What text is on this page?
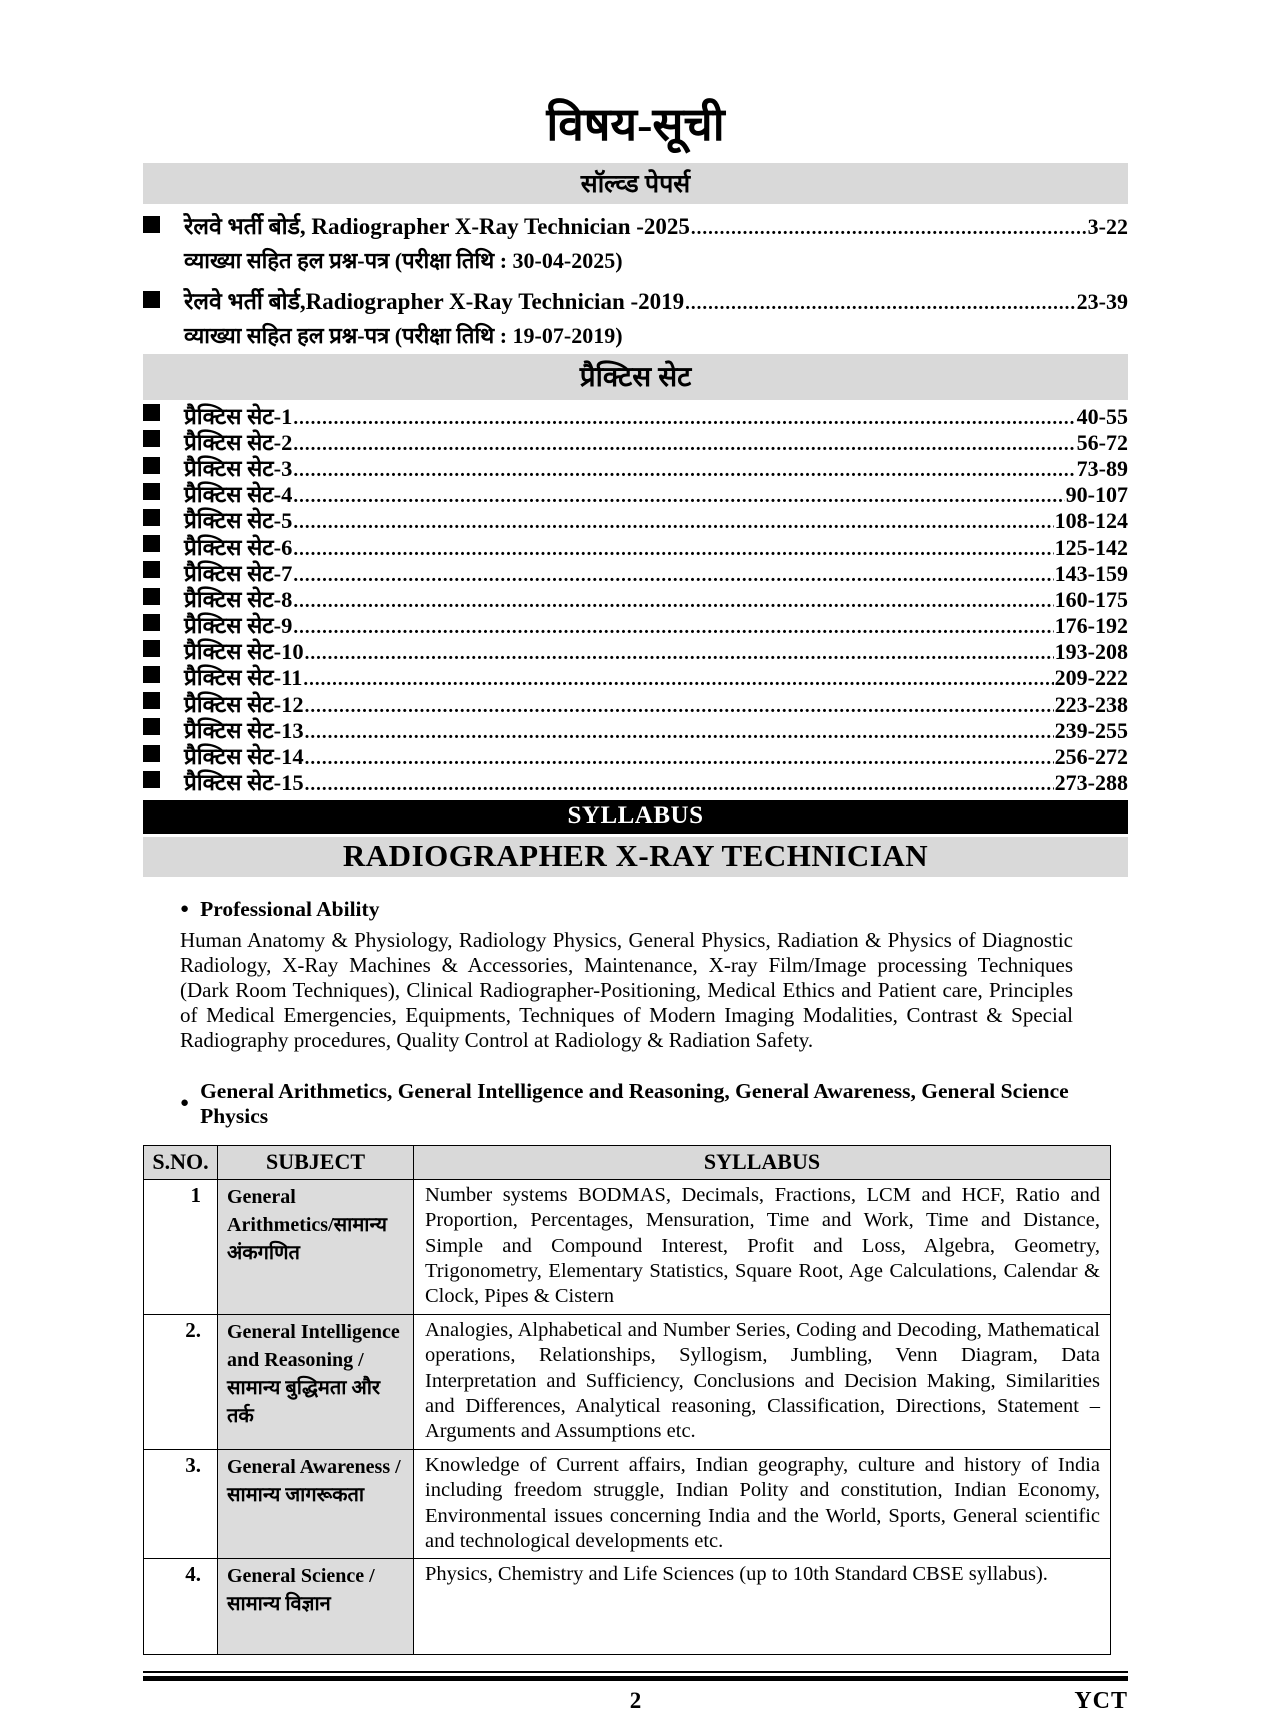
विषय-सूची
सॉल्व्ड पेपर्स
रेलवे भर्ती बोर्ड, Radiographer X-Ray Technician -2025 .....	3-22
व्याख्या सहित हल प्रश्न-पत्र (परीक्षा तिथि : 30-04-2025)
रेलवे भर्ती बोर्ड,Radiographer X-Ray Technician -2019 .....	23-39
व्याख्या सहित हल प्रश्न-पत्र (परीक्षा तिथि : 19-07-2019)
प्रैक्टिस सेट
प्रैक्टिस सेट-1 .....	40-55
प्रैक्टिस सेट-2 .....	56-72
प्रैक्टिस सेट-3 .....	73-89
प्रैक्टिस सेट-4 .....	90-107
प्रैक्टिस सेट-5 .....	108-124
प्रैक्टिस सेट-6 .....	125-142
प्रैक्टिस सेट-7 .....	143-159
प्रैक्टिस सेट-8 .....	160-175
प्रैक्टिस सेट-9 .....	176-192
प्रैक्टिस सेट-10 .....	193-208
प्रैक्टिस सेट-11 .....	209-222
प्रैक्टिस सेट-12 .....	223-238
प्रैक्टिस सेट-13 .....	239-255
प्रैक्टिस सेट-14 .....	256-272
प्रैक्टिस सेट-15 .....	273-288
SYLLABUS
RADIOGRAPHER X-RAY TECHNICIAN
● Professional Ability
Human Anatomy & Physiology, Radiology Physics, General Physics, Radiation & Physics of Diagnostic Radiology, X-Ray Machines & Accessories, Maintenance, X-ray Film/Image processing Techniques (Dark Room Techniques), Clinical Radiographer-Positioning, Medical Ethics and Patient care, Principles of Medical Emergencies, Equipments, Techniques of Modern Imaging Modalities, Contrast & Special Radiography procedures, Quality Control at Radiology & Radiation Safety.
●
General Arithmetics, General Intelligence and Reasoning, General Awareness, General Science Physics
S.NO.	SUBJECT	SYLLABUS
1	General Arithmetics/सामान्य अंकगणित	Number systems BODMAS, Decimals, Fractions, LCM and HCF, Ratio and Proportion, Percentages, Mensuration, Time and Work, Time and Distance, Simple and Compound Interest, Profit and Loss, Algebra, Geometry, Trigonometry, Elementary Statistics, Square Root, Age Calculations, Calendar & Clock, Pipes & Cistern
2.	General Intelligence and Reasoning /सामान्य बुद्धिमता और तर्क	Analogies, Alphabetical and Number Series, Coding and Decoding, Mathematical operations, Relationships, Syllogism, Jumbling, Venn Diagram, Data Interpretation and Sufficiency, Conclusions and Decision Making, Similarities and Differences, Analytical reasoning, Classification, Directions, Statement – Arguments and Assumptions etc.
3.	General Awareness /सामान्य जागरूकता	Knowledge of Current affairs, Indian geography, culture and history of India including freedom struggle, Indian Polity and constitution, Indian Economy, Environmental issues concerning India and the World, Sports, General scientific and technological developments etc.
4.	General Science /सामान्य विज्ञान	Physics, Chemistry and Life Sciences (up to 10th Standard CBSE syllabus).
2	YCT
